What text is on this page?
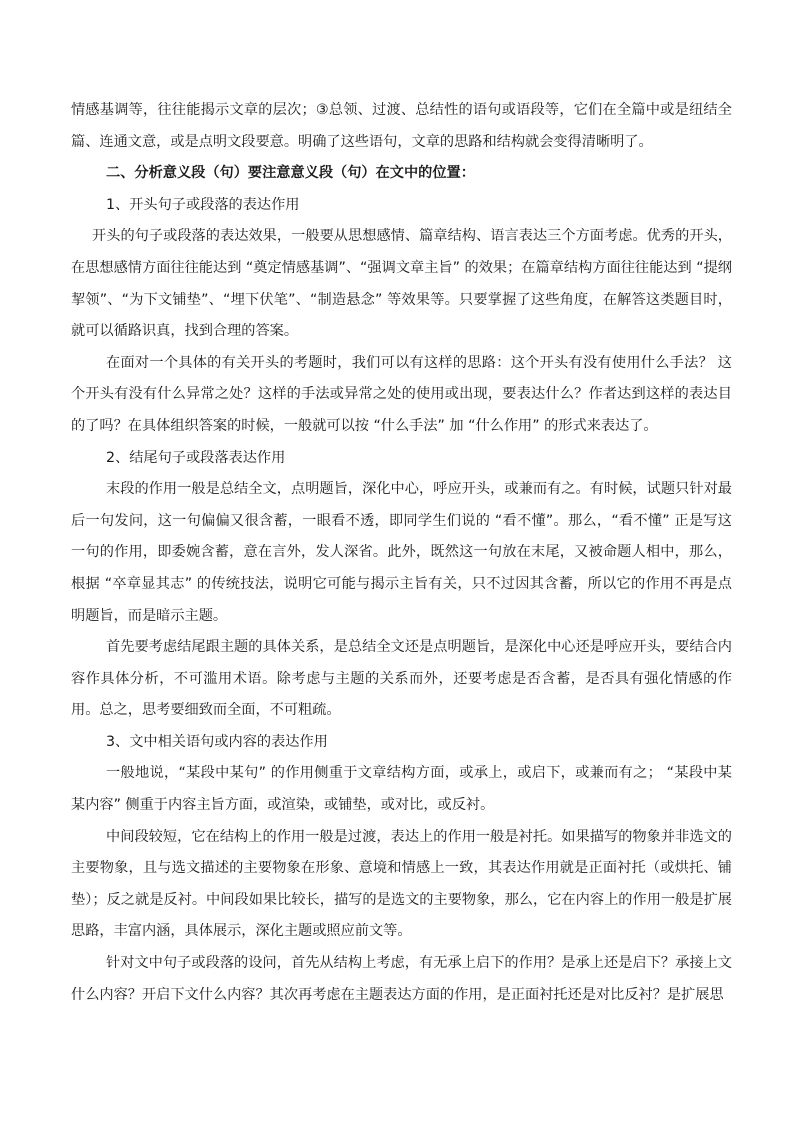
情感基调等，往往能揭示文章的层次；③总领、过渡、总结性的语句或语段等，它们在全篇中或是纽结全篇、连通文意，或是点明文段要意。明确了这些语句，文章的思路和结构就会变得清晰明了。

二、分析意义段（句）要注意意义段（句）在文中的位置：

1、开头句子或段落的表达作用

开头的句子或段落的表达效果，一般要从思想感情、篇章结构、语言表达三个方面考虑。优秀的开头，在思想感情方面往往能达到 “奠定情感基调”、“强调文章主旨” 的效果；在篇章结构方面往往能达到 “提纲挈领”、“为下文铺垫”、“埋下伏笔”、“制造悬念” 等效果等。只要掌握了这些角度，在解答这类题目时，就可以循路识真，找到合理的答案。

在面对一个具体的有关开头的考题时，我们可以有这样的思路：这个开头有没有使用什么手法？ 这个开头有没有什么异常之处？这样的手法或异常之处的使用或出现，要表达什么？作者达到这样的表达目的了吗？在具体组织答案的时候，一般就可以按 “什么手法” 加 “什么作用” 的形式来表达了。

2、结尾句子或段落表达作用

末段的作用一般是总结全文，点明题旨，深化中心，呼应开头，或兼而有之。有时候，试题只针对最后一句发问，这一句偏偏又很含蓄，一眼看不透，即同学生们说的 “看不懂”。那么，“看不懂” 正是写这一句的作用，即委婉含蓄，意在言外，发人深省。此外，既然这一句放在末尾，又被命题人相中，那么，根据 “卒章显其志” 的传统技法，说明它可能与揭示主旨有关，只不过因其含蓄，所以它的作用不再是点明题旨，而是暗示主题。

首先要考虑结尾跟主题的具体关系，是总结全文还是点明题旨，是深化中心还是呼应开头，要结合内容作具体分析，不可滥用术语。除考虑与主题的关系而外，还要考虑是否含蓄，是否具有强化情感的作用。总之，思考要细致而全面，不可粗疏。

3、文中相关语句或内容的表达作用

一般地说，“某段中某句” 的作用侧重于文章结构方面，或承上，或启下，或兼而有之； “某段中某某内容” 侧重于内容主旨方面，或渲染，或铺垫，或对比，或反衬。

中间段较短，它在结构上的作用一般是过渡，表达上的作用一般是衬托。如果描写的物象并非选文的主要物象，且与选文描述的主要物象在形象、意境和情感上一致，其表达作用就是正面衬托（或烘托、铺垫）；反之就是反衬。中间段如果比较长，描写的是选文的主要物象，那么，它在内容上的作用一般是扩展思路，丰富内涵，具体展示，深化主题或照应前文等。

针对文中句子或段落的设问，首先从结构上考虑，有无承上启下的作用？是承上还是启下？承接上文什么内容？开启下文什么内容？其次再考虑在主题表达方面的作用，是正面衬托还是对比反衬？是扩展思
